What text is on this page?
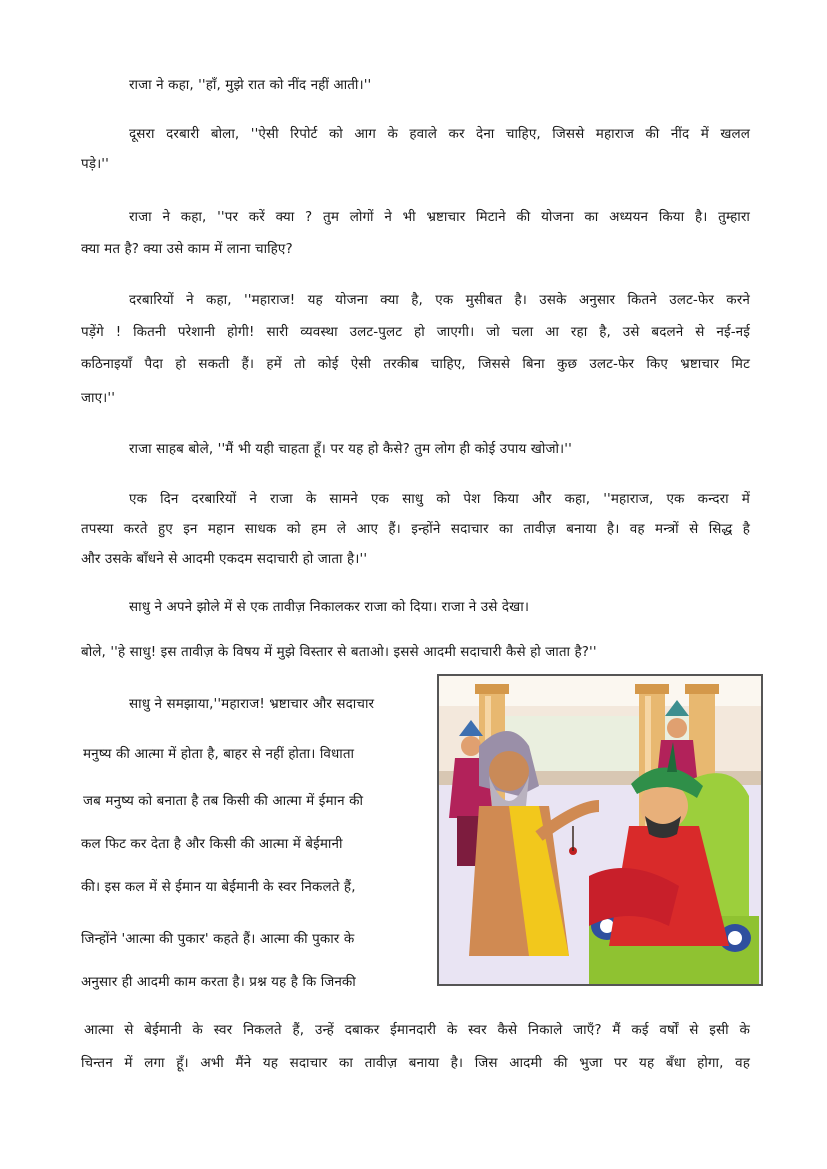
राजा ने कहा, ''हाँ, मुझे रात को नींद नहीं आती।''
दूसरा दरबारी बोला, ''ऐसी रिपोर्ट को आग के हवाले कर देना चाहिए, जिससे महाराज की नींद में खलल
पड़े।''
राजा ने कहा, ''पर करें क्या ? तुम लोगों ने भी भ्रष्टाचार मिटाने की योजना का अध्ययन किया है। तुम्हारा
क्या मत है? क्या उसे काम में लाना चाहिए?
दरबारियों ने कहा, ''महाराज! यह योजना क्या है, एक मुसीबत है। उसके अनुसार कितने उलट-फेर करने
पड़ेंगे ! कितनी परेशानी होगी! सारी व्यवस्था उलट-पुलट हो जाएगी। जो चला आ रहा है, उसे बदलने से नई-नई
कठिनाइयाँ पैदा हो सकती हैं। हमें तो कोई ऐसी तरकीब चाहिए, जिससे बिना कुछ उलट-फेर किए भ्रष्टाचार मिट
जाए।''
राजा साहब बोले, ''मैं भी यही चाहता हूँ। पर यह हो कैसे? तुम लोग ही कोई उपाय खोजो।''
एक दिन दरबारियों ने राजा के सामने एक साधु को पेश किया और कहा, ''महाराज, एक कन्दरा में
तपस्या करते हुए इन महान साधक को हम ले आए हैं। इन्होंने सदाचार का तावीज़ बनाया है। वह मन्त्रों से सिद्ध है
और उसके बाँधने से आदमी एकदम सदाचारी हो जाता है।''
साधु ने अपने झोले में से एक तावीज़ निकालकर राजा को दिया। राजा ने उसे देखा।
बोले, ''हे साधु! इस तावीज़ के विषय में मुझे विस्तार से बताओ। इससे आदमी सदाचारी कैसे हो जाता है?''
साधु ने समझाया,''महाराज! भ्रष्टाचार और सदाचार
मनुष्य की आत्मा में होता है, बाहर से नहीं होता। विधाता
जब मनुष्य को बनाता है तब किसी की आत्मा में ईमान की
कल फिट कर देता है और किसी की आत्मा में बेईमानी
की। इस कल में से ईमान या बेईमानी के स्वर निकलते हैं,
जिन्होंने 'आत्मा की पुकार' कहते हैं। आत्मा की पुकार के
अनुसार ही आदमी काम करता है। प्रश्न यह है कि जिनकी
आत्मा से बेईमानी के स्वर निकलते हैं, उन्हें दबाकर ईमानदारी के स्वर कैसे निकाले जाएँ? मैं कई वर्षों से इसी के
चिन्तन में लगा हूँ। अभी मैंने यह सदाचार का तावीज़ बनाया है। जिस आदमी की भुजा पर यह बँधा होगा, वह
